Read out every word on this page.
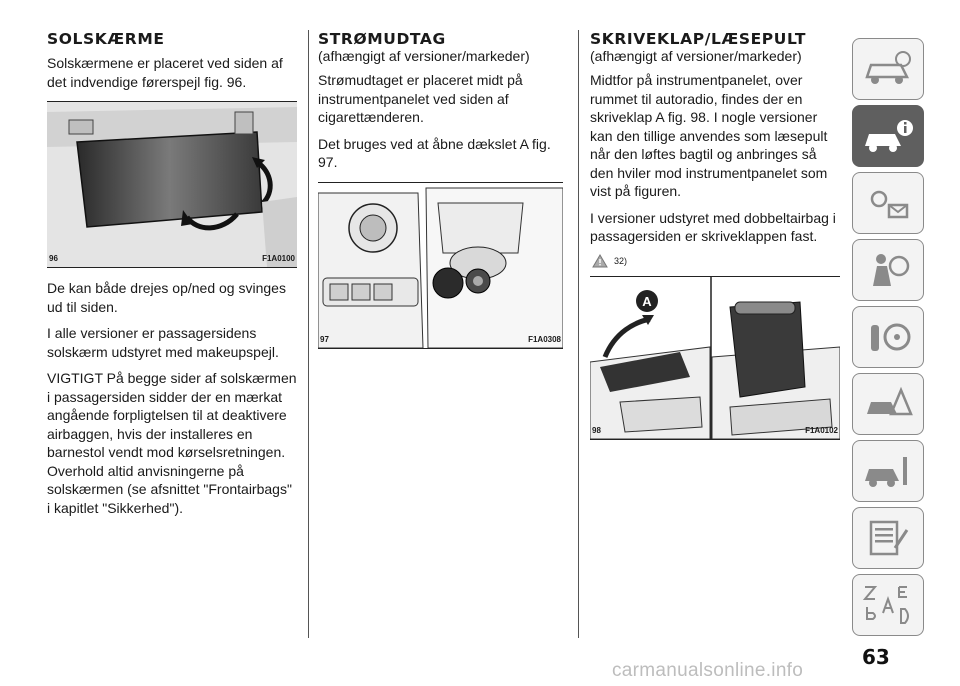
SOLSKÆRME

Solskærmene er placeret ved siden af det indvendige førerspejl fig. 96.

96	F1A0100

De kan både drejes op/ned og svinges ud til siden.

I alle versioner er passagersidens solskærm udstyret med makeupspejl.

VIGTIGT På begge sider af solskærmen i passagersiden sidder der en mærkat angående forpligtelsen til at deaktivere airbaggen, hvis der installeres en barnestol vendt mod kørselsretningen. Overhold altid anvisningerne på solskærmen (se afsnittet "Frontairbags" i kapitlet "Sikkerhed").

STRØMUDTAG

(afhængigt af versioner/markeder)

Strømudtaget er placeret midt på instrumentpanelet ved siden af cigarettænderen.

Det bruges ved at åbne dækslet A fig. 97.

97	F1A0308
SKRIVEKLAP/LÆSEPULT

(afhængigt af versioner/markeder)

Midtfor på instrumentpanelet, over rummet til autoradio, findes der en skriveklap A fig. 98. I nogle versioner kan den tillige anvendes som læsepult når den løftes bagtil og anbringes så den hviler mod instrumentpanelet som vist på figuren.

I versioner udstyret med dobbeltairbag i passagersiden er skriveklappen fast.

32)
A
98	F1A0102
63
carmanualsonline.info
